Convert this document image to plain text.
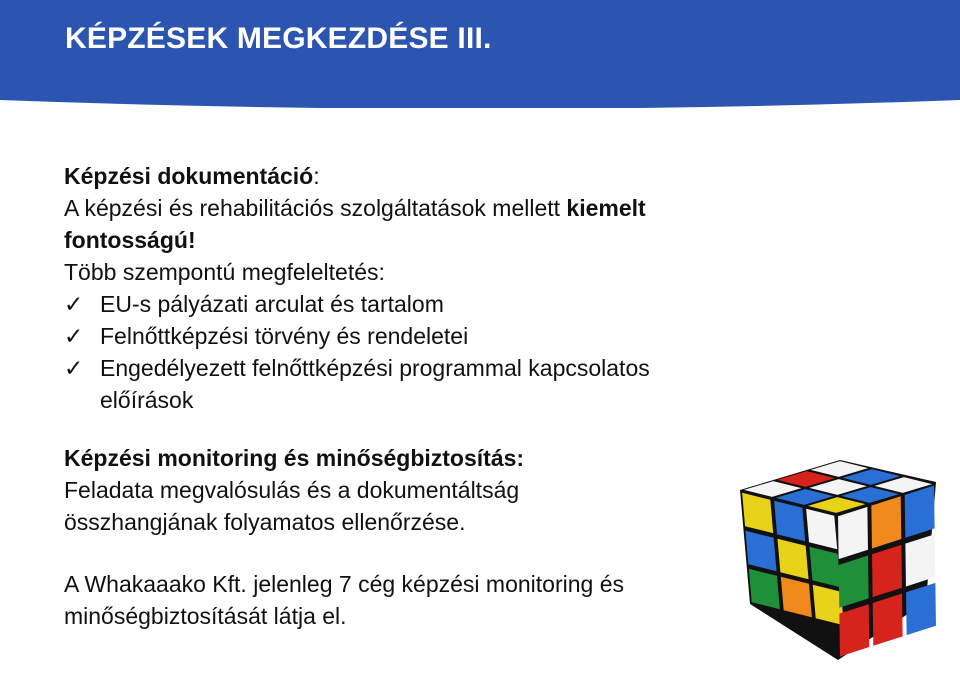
KÉPZÉSEK MEGKEZDÉSE III.
Képzési dokumentáció:
A képzési és rehabilitációs szolgáltatások mellett kiemelt
fontosságú!
Több szempontú megfeleltetés:
✓ EU-s pályázati arculat és tartalom
✓ Felnőttképzési törvény és rendeletei
✓ Engedélyezett felnőttképzési programmal kapcsolatos
előírások
Képzési monitoring és minőségbiztosítás:
Feladata megvalósulás és a dokumentáltság
összhangjának folyamatos ellenőrzése.
A Whakaaako Kft. jelenleg 7 cég képzési monitoring és
minőségbiztosítását látja el.
